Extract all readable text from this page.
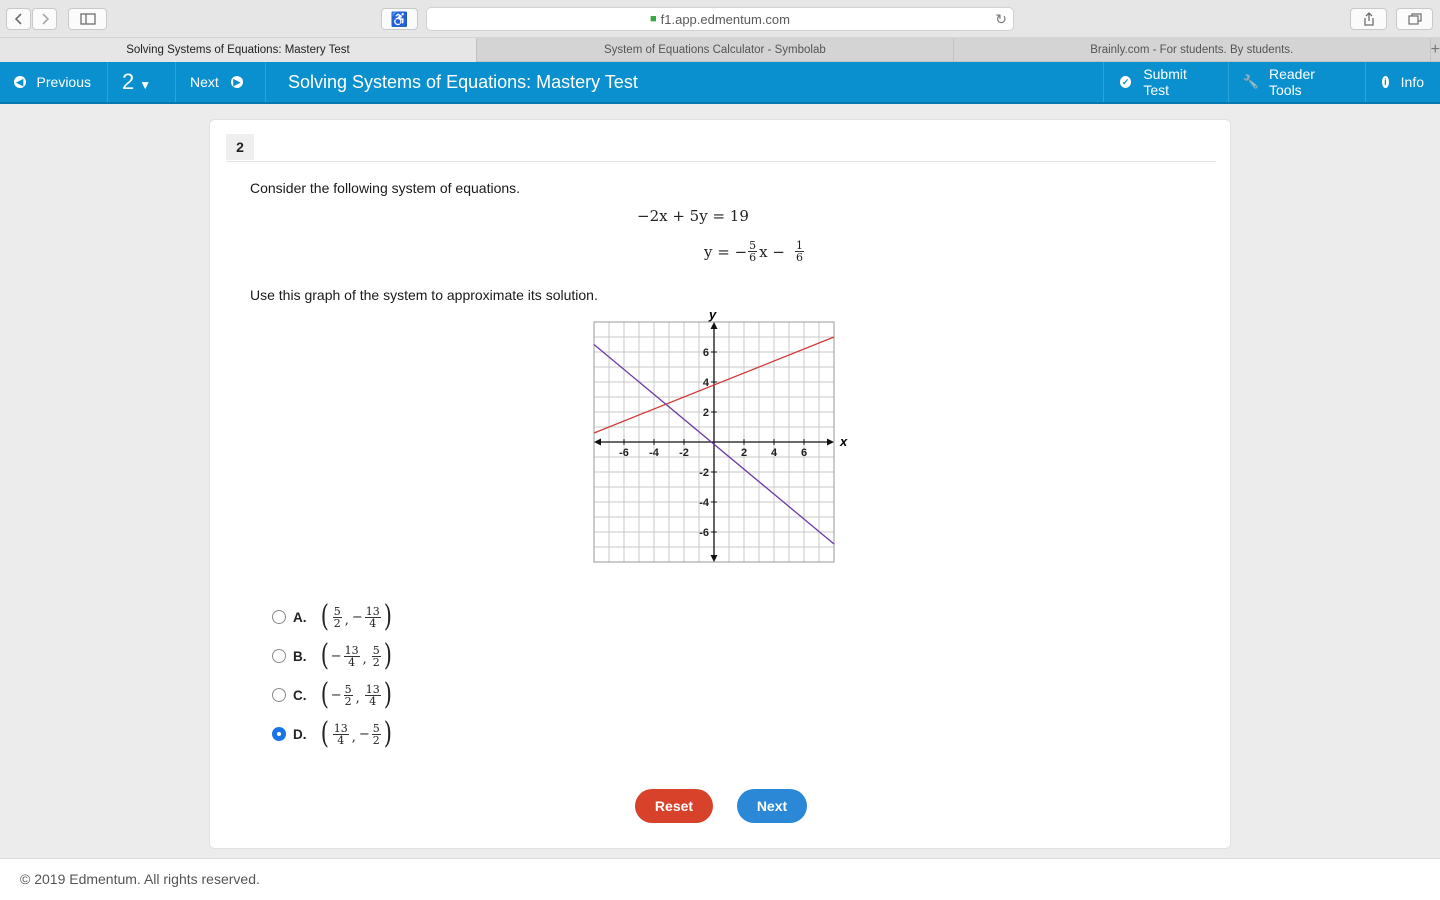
♿	■ f1.app.edmentum.com	↻
Solving Systems of Equations: Mastery Test	System of Equations Calculator - Symbolab	Brainly.com - For students. By students.	+
◀ Previous 2 ▼	Next ▶	Solving Systems of Equations: Mastery Test	✓ Submit Test
🔧 Reader Tools	i Info
2
Consider the following system of equations.
−2x + 5y = 19
y = − $\frac{5}{6}$ $x - \frac{1}{6}$
Use this graph of the system to approximate its solution.
x
y
-6 -4 -2	2 4 6
6
4
2
-2
-4
-6
A. ( $\frac{5}{2}$ , − $\frac{13}{4}$ )
B. ( − $\frac{13}{4}$ , $\frac{5}{2}$ )
C. ( − $\frac{5}{2}$ , $\frac{13}{4}$ )
D. ( $\frac{13}{4}$ , − $\frac{5}{2}$ )
Reset	Next
© 2019 Edmentum. All rights reserved.
